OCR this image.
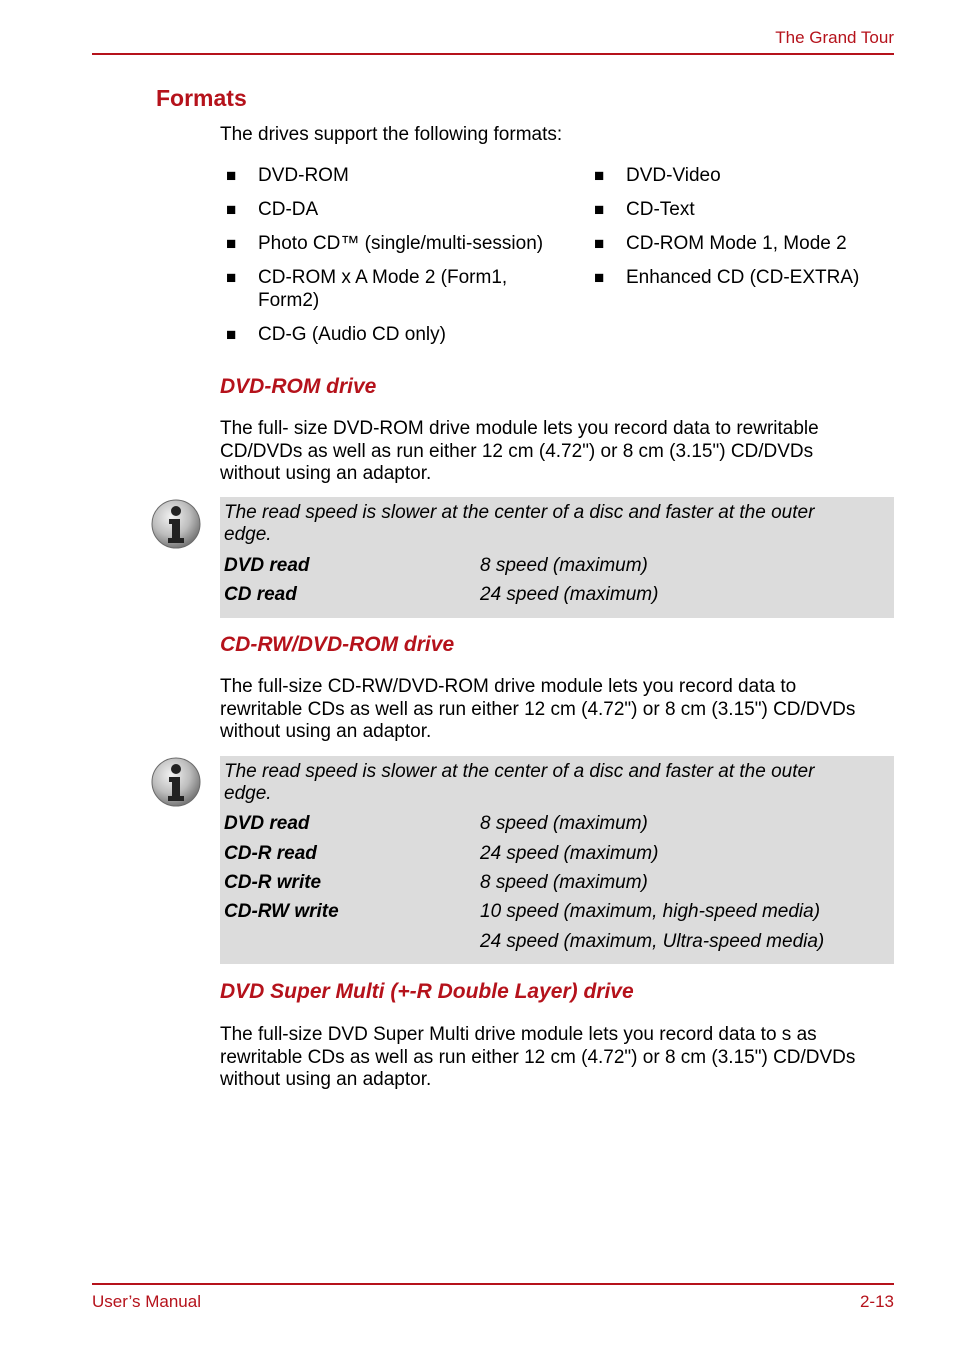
The Grand Tour
Formats
The drives support the following formats:
■ DVD-ROM
■ CD-DA
■ Photo CD™ (single/multi-session)
■ CD-ROM x A Mode 2 (Form1,
Form2)
■ CD-G (Audio CD only)
■ DVD-Video
■ CD-Text
■ CD-ROM Mode 1, Mode 2
■ Enhanced CD (CD-EXTRA)
DVD-ROM drive
The full- size DVD-ROM drive module lets you record data to rewritable
CD/DVDs as well as run either 12 cm (4.72") or 8 cm (3.15") CD/DVDs
without using an adaptor.
The read speed is slower at the center of a disc and faster at the outer
edge.
DVD read	8 speed (maximum)
CD read	24 speed (maximum)
CD-RW/DVD-ROM drive
The full-size CD-RW/DVD-ROM drive module lets you record data to
rewritable CDs as well as run either 12 cm (4.72") or 8 cm (3.15") CD/DVDs
without using an adaptor.
The read speed is slower at the center of a disc and faster at the outer
edge.
DVD read	8 speed (maximum)
CD-R read	24 speed (maximum)
CD-R write	8 speed (maximum)
CD-RW write	10 speed (maximum, high-speed media)
24 speed (maximum, Ultra-speed media)
DVD Super Multi (+-R Double Layer) drive
The full-size DVD Super Multi drive module lets you record data to s as
rewritable CDs as well as run either 12 cm (4.72") or 8 cm (3.15") CD/DVDs
without using an adaptor.
User’s Manual	2-13
